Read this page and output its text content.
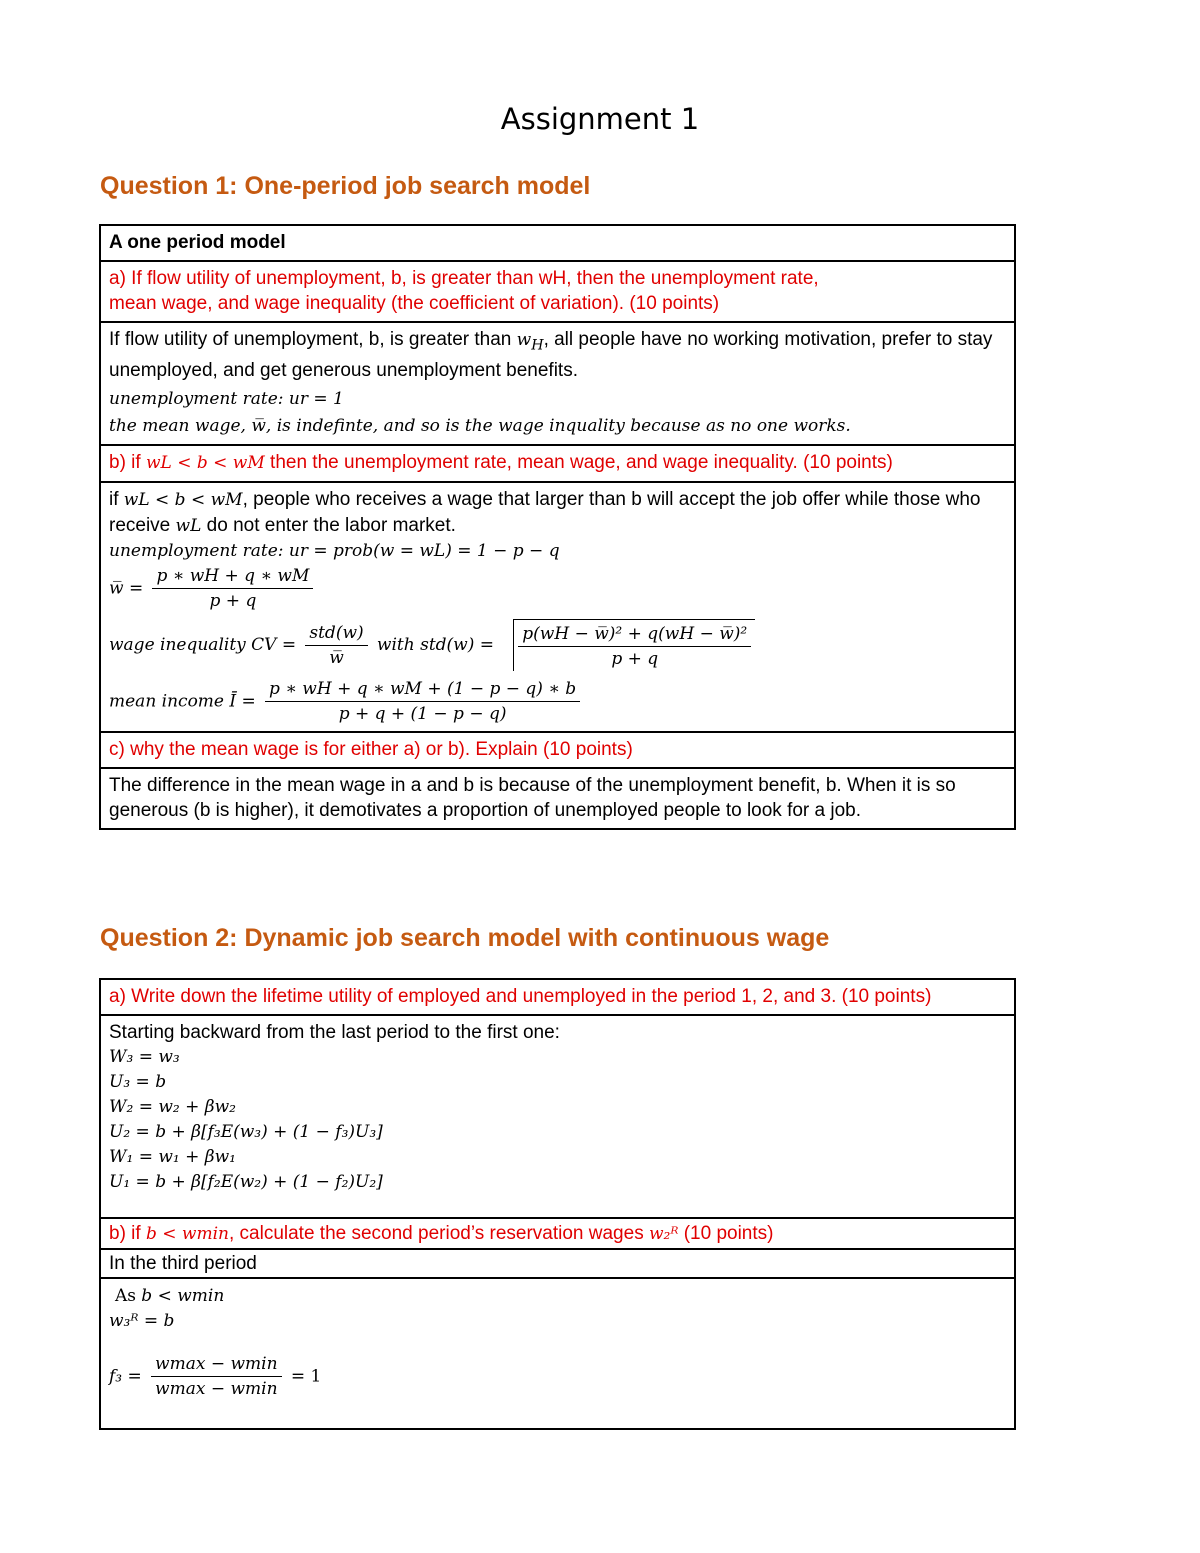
Assignment 1
Question 1: One-period job search model
A one period model

a) If flow utility of unemployment, b, is greater than wH, then the unemployment rate,
mean wage, and wage inequality (the coefficient of variation). (10 points)

If flow utility of unemployment, b, is greater than $w_H$, all people have no working motivation, prefer to stay unemployed, and get generous unemployment benefits.
unemployment rate: ur = 1
the mean wage, w̅, is indefinte, and so is the wage inquality because as no one works.

b) if wL < b < wM then the unemployment rate, mean wage, and wage inequality. (10 points)
if wL < b < wM, people who receives a wage that larger than b will accept the job offer while those who receive wL do not enter the labor market.
unemployment rate: ur = prob(w = wL) = 1 − p − q
w̅ = $\frac{p ∗ wH + q ∗ wM}{p + q}$
wage inequality CV = $\frac{\text{std(w)}}{w̅}$ with $std(w) = \frac{\text{p(wH − w̅)² + q(wH − w̅)²}}{p + q}$
mean income Ī = $\frac{p ∗ wH + q ∗ wM + (1 - p - q) ∗ b}{p + q + (1 - p - q)}$

c) why the mean wage is for either a) or b). Explain (10 points)
The difference in the mean wage in a and b is because of the unemployment benefit, b. When it is so generous (b is higher), it demotivates a proportion of unemployed people to look for a job.
Question 2: Dynamic job search model with continuous wage
a) Write down the lifetime utility of employed and unemployed in the period 1, 2, and 3. (10 points)

Starting backward from the last period to the first one:
W₃ = w₃
U₃ = b
W₂ = w₂ + βw₂
U₂ = b + β[f₃E(w₃) + (1 − f₃)U₃]
W₁ = w₁ + βw₁
U₁ = b + β[f₂E(w₂) + (1 − f₂)U₂]

b) if b < wmin, calculate the second period’s reservation wages w₂ᴿ (10 points)
In the third period

As b < wmin
w₃ᴿ = b
$f_3 = \frac{wmax - wmin}{wmax - wmin} = 1$
